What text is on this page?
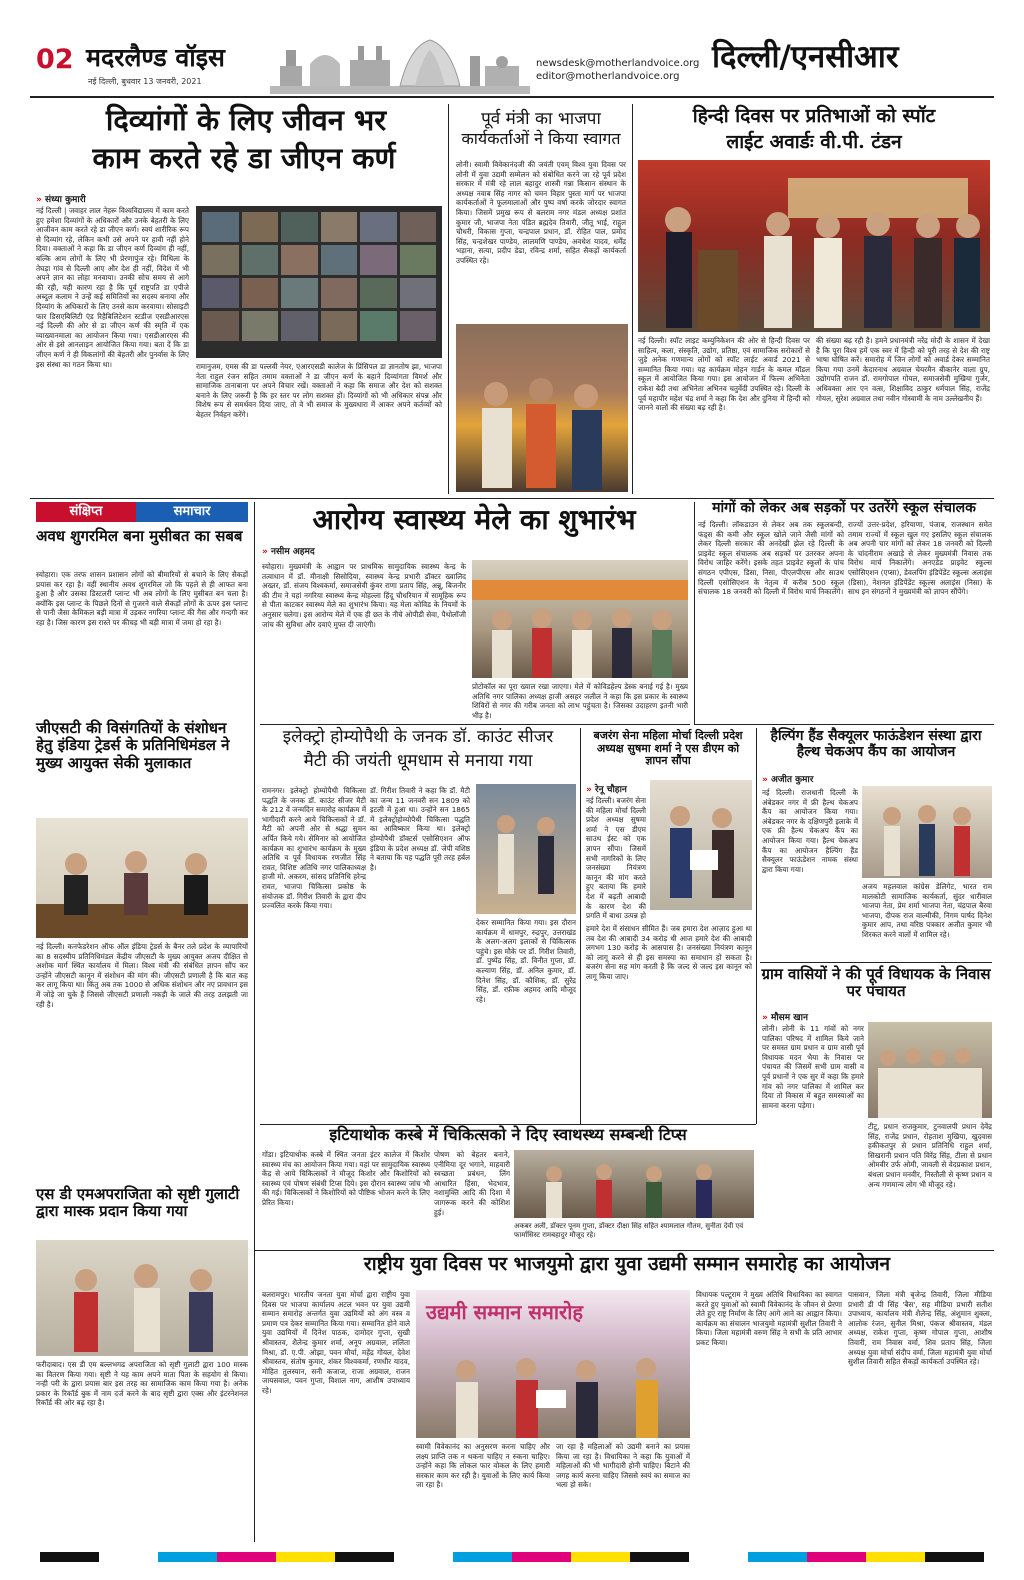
02 मदरलैण्ड वॉइस
नई दिल्ली, बुधवार 13 जनवरी, 2021
newsdesk@motherlandvoice.org
editor@motherlandvoice.org
दिल्ली/एनसीआर
दिव्यांगों के लिए जीवन भर
काम करते रहे डा जीएन कर्ण
» संध्या कुमारी
नई दिल्ली | जवाहर लाल नेहरू विश्वविद्यालय में काम करते हुए हमेशा दिव्यांगों के अधिकारों और उनके बेहतरी के लिए आजीवन काम करते रहे डा जीएन कर्ण। स्वयं शारीरिक रूप से दिव्यांग रहे, लेकिन कभी उसे अपने पर हावी नहीं होने दिया। वक्ताओं ने कहा कि डा जीएन कर्ण दिव्यांग ही नहीं, बल्कि आम लोगों के लिए भी प्रेरणापुंज रहे। मिथिला के तेघड़ा गांव से दिल्ली आए और देश ही नहीं, विदेश में भी अपने ज्ञान का लोहा मनवाया। उनकी सोच समय से आगे की रही, यही कारण रहा है कि पूर्व राष्ट्रपति डा एपीजे अब्दुल कलाम ने उन्हें कई समितियों का सदस्य बनाया और दिव्यांग के अधिकारों के लिए उनसे काम करवाया। सोसाइटी फार डिसएबिलिटी एंड रिहैबिलिटेशन स्टडीज एसडीआरएस नई दिल्ली की ओर से डा जीएन कर्ण की स्मृति में एक व्याख्यानमाला का आयोजन किया गया। एसडीआरएस की ओर से इसे आनलाइन आयोजित किया गया। बता दें कि डा जीएन कर्ण ने ही विकलांगों की बेहतरी और पुनर्वास के लिए इस संस्था का गठन किया था।	रामानुजम, एमस की डा पल्लवी नेयर, एआरएसडी कालेज के प्रिंसिपल डा ज्ञानतोष झा, भाजपा नेता राहुल रंजन सहित तमाम वक्ताओं ने डा जीएन कर्ण के बहाने दिव्यांगता विमर्श और सामाजिक तानाबाना पर अपने विचार रखें। वक्ताओं ने कहा कि समाज और देश को सशक्त बनाने के लिए जरूरी है कि हर स्तर पर लोग सशक्त हों। दिव्यांगों को भी अधिकार संपन्न और विशेष रूप से समर्थवन दिया जाए, तो वे भी समाज के मुख्यधारा में आकर अपने कर्तव्यों को बेहतर निर्वहन करेंगे।
पूर्व मंत्री का भाजपा
कार्यकर्ताओं ने किया स्वागत
लोनी। स्वामी विवेकानंदजी की जयंती एवम् विश्व युवा दिवस पर लोनी में युवा उद्यमी सम्मेलन को संबोधित करने जा रहे पूर्व प्रदेश सरकार में मंत्री रहे लाल बहादुर शास्त्री गन्ना किसान संस्थान के अध्यक्ष नवाब सिंह नागर को चमन विहार पुस्ता मार्ग पर भाजपा कार्यकर्ताओं ने फूलमालाओं और पुष्प वर्षा करके जोरदार स्वागत किया। जिसमें प्रमुख रूप से बलराम नगर मंडल अध्यक्ष प्रशांत कुमार जी, भाजपा नेता पंडित ब्रह्मदेव तिवारी, जीतू भाई, राहुल चौधरी, विकास गुप्ता, चन्द्रपाल प्रधान, डॉ. रोहित पाल, प्रमोद सिंह, चन्द्रशेखर पाण्डेय, लालमणि पाण्डेय, अवधेश यादव, धर्मेंद्र भड़ाना, सत्या, प्रदीप डेढा, रविन्द्र शर्मा, सहित सैकड़ों कार्यकर्ता उपस्थित रहे।
हिन्दी दिवस पर प्रतिभाओं को स्पॉट
लाईट अवार्डः वी.पी. टंडन
नई दिल्ली। स्पॉट लाइट कम्युनिकेशन की ओर से हिन्दी दिवस पर साहित्य, कला, संस्कृति, उद्योग, प्रतिष्ठा, एवं सामाजिक सरोकारों से जुड़े अनेक गणमान्य लोगों को स्पॉट लाईट अवार्ड 2021 से सम्मानित किया गया। यह कार्यक्रम मोहन गार्डन के कमल मॉडल स्कूल में आयोजित किया गया। इस आयोजन में फिल्म अभिनेता राकेश बेदी तथा अभिनेता अभिनव चतुर्वेदी उपस्थित रहे। दिल्ली के पूर्व महापौर महेश चंद्र शर्मा ने कहा कि देश और दुनिया में हिन्दी को जानने वालों की संख्या बढ़ रही है।
की संख्या बढ़ रही है। हमने प्रधानमंत्री नरेंद्र मोदी के शासन में देखा है कि पूरा विश्व हमें एक स्वर में हिन्दी को पूरी तरह से देश की राष्ट्र भाषा घोषित करें। समारोह में जिन लोगों को अवार्ड देकर सम्मानित किया गया उनमें केदारनाथ अग्रवाल चेयरमैन बीकानेर वाला ग्रुप, उद्योगपति राजन डॉ. रामगोपाल गोयल, समाजसेवी मुखिया गुर्जर, अधिवक्ता आर एन वत्स, शिक्षाविद ठाकुर धर्मपाल सिंह, राजेंद्र गोयल, सुरेश अग्रवाल तथा नवीन गोस्वामी के नाम उल्लेखनीय हैं।
संक्षिप्त	समाचार
अवध शुगरमिल बना मुसीबत का सबब
स्योहारा। एक तरफ शासन प्रशासन लोगों को बीमारियों से बचाने के लिए सैकड़ों प्रयास कर रहा है। वहीं स्थानीय अवध शुगरमिल जो कि पहले से ही आफत बना हुआ है और उसका डिस्टलरी प्लान्ट भी अब लोगों के लिए मुसीबत बन चला है। क्योंकि इस प्लान्ट के पिछले दिनों से गुजरने वाले सैकड़ों लोगों के ऊपर इस प्लान्ट से पानी जैसा केमिकल बड़ी मात्रा में उड़कर नगरिया प्लान्ट की गैस और गन्दगी कर रहा है। जिस कारण इस रास्ते पर कीचड़ भी बड़ी मात्रा में जमा हो रहा है।
जीएसटी की विसंगतियों के संशोधन हेतु इंडिया ट्रेडर्स के प्रतिनिधिमंडल ने मुख्य आयुक्त सेकी मुलाकात
नई दिल्ली। कनफेडरेशन ऑफ ऑल इंडिया ट्रेडर्स के बैनर तले प्रदेश के व्यापारियों का 8 सदस्यीय प्रतिनिधिमंडल केंद्रीय जीएसटी के मुख्य आयुक्त अजय दीक्षित से अशोक मार्ग स्थित कार्यालय में मिला। विश्व मंत्री की संबंधित ज्ञापन सौंप कर उन्होंने जीएसटी कानून में संशोधन की मांग की। जीएसटी प्रणाली है कि बात कह कर लागू किया था। किंतु अब तक 1000 से अधिक संशोधन और नए प्रावधान इस में जोड़े जा चुके हैं जिससे जीएसटी प्रणाली नकड़ी के जाले की तरह उलझती जा रही है।
एस डी एमअपराजिता को सृष्टी गुलाटी द्वारा मास्क प्रदान किया गया
फरीदाबाद। एस डी एम बल्लभगढ अपराजिता को सृष्टी गुलाटी द्वारा 100 मास्क का वितरण किया गया। सृष्टी ने यह काम अपने माता पिता के सहयोग से किया। नन्ही परी के द्वारा प्रयास बार इस तरह का सामाजिक काम किया गया है। अनेक प्रकार के रिकॉर्ड बुक में नाम दर्ज करने के बाद सृष्टी द्वारा एक्स और इंटरनेशनल रिकॉर्ड की ओर बढ़ रहा है।
आरोग्य स्वास्थ्य मेले का शुभारंभ
» नसीम अहमद
स्योहारा। मुख्यमंत्री के आह्वान पर प्राथमिक सामुदायिक स्वास्थ्य केन्द्र के तत्वाधान में डॉ. मीनाक्षी सिसोदिया, स्वास्थ्य केन्द्र प्रभारी डॉक्टर ख्वालिद अख्तर, डॉ. संजय विश्वकर्मा, समाजसेवी कुंवर राणा प्रताप सिंह, अन्नू, बिजनौर की टीम ने यहां नगरिया स्वास्थ्य केन्द्र मोहल्ला हिंदू चौधरियान में सामूहिक रूप से पीता काटकर स्वास्थ्य मेले का शुभारंभ किया। यह मेला कोविड के नियमों के अनुसार चलेगा। इस आरोग्य मेले में एक ही छत के नीचे ओपीडी सेवा, पैथोलॉजी जांच की सुविधा और दवाएं मुफ्त दी जाएंगी।
प्रोटोकॉल का पूरा ख्याल रखा जाएगा। मेले में कोविडहेल्प डेस्क बनाई गई है। मुख्य अतिथि नगर पालिका अध्यक्ष हाजी असहर जलील ने कहा कि इस प्रकार के स्वास्थ्य शिविरों से नगर की गरीब जनता को लाभ पहुंचता है। जिसका उदाहरण इतनी भारी भीड़ है।
इलेक्ट्रो होम्योपैथी के जनक डॉ. काउंट सीजर
मैटी की जयंती धूमधाम से मनाया गया
रामनगर। इलेक्ट्रो होम्योपैथी चिकित्सा पद्धति के जनक डॉ. काउंट सीजर मैटी के 212 वें जन्मदिन समारोह कार्यक्रम में भागीदारी करने आये चिकित्सकों ने डॉ. मैटी को अपनी ओर से श्रद्धा सुमन अर्पित किये गये। सेमिनार को आयोजित कार्यक्रम का शुभारंभ कार्यक्रम के मुख्य अतिथि व पूर्व विधायक रणजीत सिंह रावत, विशिष्ट अतिथि नगर पालिकाध्यक्ष हाजी मो. अकरम, सांसद प्रतिनिधि हरेन्द्र रावत, भाजपा चिकित्सा प्रकोष्ठ के संयोजक डॉ. गिरीश तिवारी के द्वारा दीप प्रज्वलित करके किया गया।
डॉ. गिरीश तिवारी ने कहा कि डॉ. मैटी का जन्म 11 जनवरी सन 1809 को इटली में हुआ था। उन्होंने सन 1865 में इलेक्ट्रोहोम्योपैथी चिकित्सा पद्धति का आविष्कार किया था। इलेक्ट्रो होम्योपैथी डॉक्टर्स एसोसिएशन ऑफ इंडिया के प्रदेश अध्यक्ष डॉ. जेपी वशिष्ठ ने बताया कि यह पद्धति पूरी तरह हर्बल है।
देकर सम्मानित किया गया। इस दौरान कार्यक्रम में धामपुर, रुद्रपुर, उत्तराखंड के अलग-अलग इलाकों से चिकित्सक पहुंचे। इस मौके पर डॉ. गिरीश तिवारी, डॉ. पुष्पेंद्र सिंह, डॉ. विनीत गुप्ता, डॉ. कल्याण सिंह, डॉ. अनिल कुमार, डॉ. दिनेश सिंह, डॉ. कौशिक, डॉ. सुरेंद्र सिंह, डॉ. रफ़ीक अहमद आदि मौजूद रहे।
बजरंग सेना महिला मोर्चा दिल्ली प्रदेश अध्यक्ष सुषमा शर्मा ने एस डीएम को ज्ञापन सौंपा
» रेनू चौहान
नई दिल्ली। बजरंग सेना की महिला मोर्चा दिल्ली प्रदेश अध्यक्ष सुषमा शर्मा ने एस डीएम साउथ ईस्ट को एक ज्ञापन सौंपा। जिसमें सभी नागरिकों के लिए जनसंख्या नियंत्रण कानून की मांग करते हुए बताया कि हमारे देश में बढ़ती आबादी के कारण देश की प्रगति में बाधा उत्पन्न हो
हमारे देश में संसाधन सीमित हैं। जब हमारा देश आज़ाद हुआ था तब देश की आबादी 34 करोड़ थी आज हमारे देश की आबादी लगभग 130 करोड़ के आसपास है। जनसंख्या नियंत्रण कानून को लागू करने से ही इस समस्या का समाधान हो सकता है। बजरंग सेना सह मांग करती है कि जल्द से जल्द इस कानून को लागू किया जाए।
मांगों को लेकर अब सड़कों पर उतरेंगे स्कूल संचालक
नई दिल्ली। लॉकडाउन से लेकर अब तक स्कूलबन्दी, फंड्स की कमी और स्कूल खोले जाने जैसी मांगों को लेकर दिल्ली सरकार की अनदेखी झेल रहे दिल्ली के प्राइवेट स्कूल संचालक अब सड़कों पर उतरकर अपना विरोध जाहिर करेंगे। इसके तहत प्राइवेट स्कूलों के पांच संगठन एपीएस, डिसा, निसा, पीएलपीएस और साउथ दिल्ली एसोसिएशन के नेतृत्व में करीब 500 स्कूल संचालक 18 जनवरी को दिल्ली में विरोध मार्च निकालेंगे।
राज्यों उत्तर-प्रदेश, हरियाणा, पंजाब, राजस्थान समेत तमाम राज्यों में स्कूल खुल गए इसलिए स्कूल संचालक अब अपनी चार मांगों को लेकर 18 जनवरी को दिल्ली के चांदनीराम अखाड़े से लेकर मुख्यमंत्री निवास तक विरोध मार्च निकालेंगे। अनएडेड प्राइवेट स्कूल्स एसोसिएशन (एप्सा), डेवलपिंग इंडिपेंडेंट स्कूल्स अलाइंस (डिसा), नेशनल इंडिपेंडेंट स्कूल्स अलाइंस (निसा) के साथ इन संगठनों ने मुख्यमंत्री को ज्ञापन सौंपेंगे।
हैल्पिंग हैंड सैक्यूलर फाऊंडेशन संस्था द्वारा हैल्थ चेकअप कैंप का आयोजन
» अजीत कुमार
नई दिल्ली। राजधानी दिल्ली के अंबेडकर नगर में फ्री हैल्थ चेकअप कैंप का आयोजन किया गया। अंबेडकर नगर के दक्षिणपुरी इलाके में एक फ्री हैल्थ चेकअप कैंप का आयोजन किया गया। हैल्थ चेकअप कैंप का आयोजन हैल्पिंग हैंड सैक्यूलर फाऊंडेशन नामक संस्था द्वारा किया गया।
अजय महलवाल कांग्रेस डेलिगेट, भारत राम मालकोटी सामाजिक कार्यकर्ता, सुंदर धारीवाल भाजपा नेता, प्रेम शर्मा भाजपा नेता, चंद्रपाल बैरवा भाजपा, दीपक राज वाल्मीकी, निगम पार्षद दिनेश कुमार आप, तथा वरिष्ठ पत्रकार अजीत कुमार भी शिरकत करने वालों में शामिल रहे।
ग्राम वासियों ने की पूर्व विधायक के निवास पर पंचायत
» मौसम खान
लोनी। लोनी के 11 गांवों को नगर पालिका परिषद में शामिल किये जाने पर समस्त ग्राम प्रधान व ग्राम वासी पूर्व विधायक मदन भैया के निवास पर पंचायत की जिसमें सभी ग्राम वासी व पूर्व प्रधानों ने एक सुर में कहा कि हमारे गांव को नगर पालिका में शामिल कर दिया तो विकास में बहुत समस्याओं का सामना करना पड़ेगा।
टीटू, प्रधान राजकुमार, टुनवालपी प्रधान देवेंद्र सिंह, राजेंद्र प्रधान, रोहताश मुखिया, खुदवास हकीकतपुर से प्रधान प्रतिनिधि राहुल शर्मा, सिखरानी प्रधान पति विरेंद्र सिंह, टीला से प्रधान ओमवीर उर्फ ओमी, जावली से वेदप्रकाश प्रधान, बंथला प्रधान मनवीर, निस्तौली से कृष्ण प्रधान व अन्य गणमान्य लोग भी मौजूद रहे।
इटियाथोक कस्बे में चिकित्सको ने दिए स्वाथस्थ्य सम्बन्धी टिप्स
गोंडा। इटियाथोक कस्बे में स्थित जनता इंटर कालेज में किशोर स्वास्थ्य मंच का आयोजन किया गया। यहां पर सामुदायिक स्वास्थ्य केंद्र से आये चिकित्सकों ने मौजूद किशोर और किशोरियों को स्वास्थ्य एवं पोषण संबंधी टिप्स दिये। इस दौरान स्वास्थ्य जांच भी की गई। चिकित्सकों ने किशोरियों को पौष्टिक भोजन करने के लिए प्रेरित किया।
पोषण को बेहतर बनाने, एनीमिया दूर भगाने, माहवारी स्वच्छता प्रबंधन, लिंग आधारित हिंसा, भेदभाव, नशामुक्ति आदि की दिशा में जागरूक करने की कोशिश हुई।
अकबर अली, डॉक्टर पूनम गुप्ता, डॉक्टर दीक्षा सिंह सहित श्यामलाल गौतम, सुनीता देवी एवं फार्मासिस्ट रामबहादुर मौजूद रहे।
राष्ट्रीय युवा दिवस पर भाजयुमो द्वारा युवा उद्यमी सम्मान समारोह का आयोजन
बलरामपुर। भारतीय जनता युवा मोर्चा द्वारा राष्ट्रीय युवा दिवस पर भाजपा कार्यालय अटल भवन पर युवा उद्यमी सम्मान समारोह अन्तर्गत युवा उद्यमियों को अंग वस्त्र व प्रमाण पत्र देकर सम्मानित किया गया। सम्मानित होने वाले युवा उद्यमियों में दिनेश पाठक, दामोदर गुप्ता, सुखी श्रीवास्तव, शैलेन्द्र कुमार शर्मा, अनूप अग्रवाल, ललिता मिश्रा, डॉ. ए.पी. ओझा, पवन मौर्या, महेंद्र गोयल, देवेश श्रीवास्तव, संतोष कुमार, शंकर विश्वकर्मा, रणधीर यादव, मोहित तुलस्यान, सनी कजाज, राजा अग्रवाल, राजन जायसवाल, पवन गुप्ता, विशाल नाग, आशीष उपाध्याय रहे।
उद्यमी सम्मान समारोह
स्वामी विवेकानंद का अनुसरण करना चाहिए और लक्ष्य प्राप्ति तक न थकना चाहिए न रुकना चाहिए। उन्होंने कहा कि लोकल फार वोकल के लिए हमारी सरकार काम कर रही है। युवाओं के लिए कार्य किया जा रहा है।
जा रहा है महिलाओं को उद्यमी बनाने का प्रयास किया जा रहा है। विधायिका ने कहा कि युवाओं में महिलाओं की भी भागीदारी होनी चाहिए। बिटाने की जगह कार्य करना चाहिए जिससे स्वयं का समाज का भला हो सके।
विधायक पल्टूराम ने मुख्य अतिथि विधायिका का स्वागत करते हुए युवाओं को स्वामी विवेकानंद के जीवन से प्रेरणा लेते हुए राष्ट्र निर्माण के लिए आगे आने का आह्वान किया। कार्यक्रम का संचालन भाजयुमो महामंत्री सुशील तिवारी ने किया। जिला महामंत्री वरुण सिंह ने सभी के प्रति आभार प्रकट किया।
पासवान, जिला मंत्री बृजेन्द्र तिवारी, जिला मीडिया प्रभारी डी पी सिंह 'बैस', सह मीडिया प्रभारी सतीश उपाध्याय, कार्यालय मंत्री शैलेन्द्र सिंह, अंशुमान शुक्ला, आलोक रंजन, सुनील मिश्रा, पंकज श्रीवास्तव, मंडल अध्यक्ष, राकेश गुप्ता, कृष्ण गोपाल गुप्ता, आशीष तिवारी, राम निवास वर्मा, शिव प्रताप सिंह, जिला अध्यक्ष युवा मोर्चा संदीप वर्मा, जिला महामंत्री युवा मोर्चा सुशील तिवारी सहित सैकड़ों कार्यकर्ता उपस्थित रहे।
